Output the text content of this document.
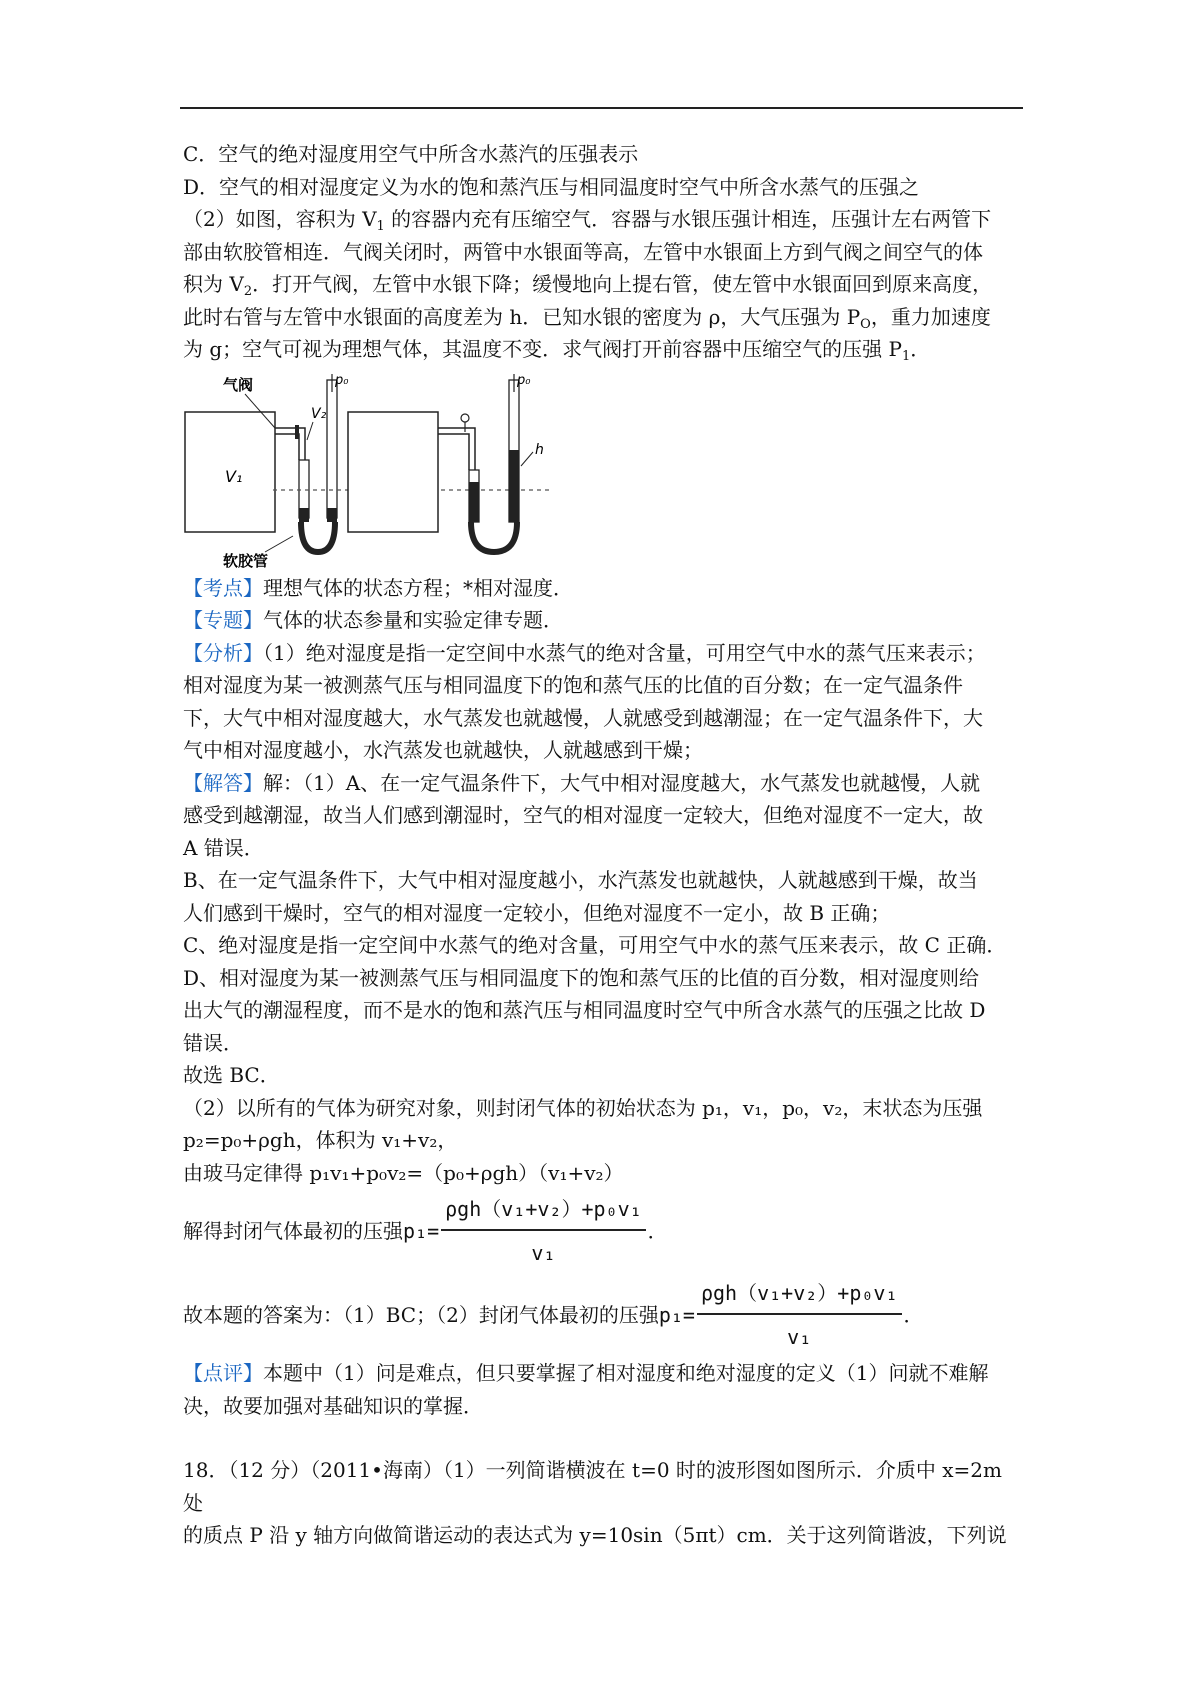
C．空气的绝对湿度用空气中所含水蒸汽的压强表示

D．空气的相对湿度定义为水的饱和蒸汽压与相同温度时空气中所含水蒸气的压强之

（2）如图，容积为 $V_1$ 的容器内充有压缩空气．容器与水银压强计相连，压强计左右两管下

部由软胶管相连．气阀关闭时，两管中水银面等高，左管中水银面上方到气阀之间空气的体

积为 $V_2$．打开气阀，左管中水银下降；缓慢地向上提右管，使左管中水银面回到原来高度，

此时右管与左管中水银面的高度差为 h．已知水银的密度为 ρ，大气压强为 $P_O$，重力加速度

为 g；空气可视为理想气体，其温度不变．求气阀打开前容器中压缩空气的压强 $P_1$．

V₁
气阀
V₂
p₀
软胶管
p₀
h

【考点】理想气体的状态方程；*相对湿度．

【专题】气体的状态参量和实验定律专题．

【分析】（1）绝对湿度是指一定空间中水蒸气的绝对含量，可用空气中水的蒸气压来表示；

相对湿度为某一被测蒸气压与相同温度下的饱和蒸气压的比值的百分数；在一定气温条件

下，大气中相对湿度越大，水气蒸发也就越慢，人就感受到越潮湿；在一定气温条件下，大

气中相对湿度越小，水汽蒸发也就越快，人就越感到干燥；

【解答】解：（1）A、在一定气温条件下，大气中相对湿度越大，水气蒸发也就越慢，人就

感受到越潮湿，故当人们感到潮湿时，空气的相对湿度一定较大，但绝对湿度不一定大，故

A 错误．

B、在一定气温条件下，大气中相对湿度越小，水汽蒸发也就越快，人就越感到干燥，故当

人们感到干燥时，空气的相对湿度一定较小，但绝对湿度不一定小，故 B 正确；

C、绝对湿度是指一定空间中水蒸气的绝对含量，可用空气中水的蒸气压来表示，故 C 正确．

D、相对湿度为某一被测蒸气压与相同温度下的饱和蒸气压的比值的百分数，相对湿度则给

出大气的潮湿程度，而不是水的饱和蒸汽压与相同温度时空气中所含水蒸气的压强之比故 D

错误．

故选 BC．

（2）以所有的气体为研究对象，则封闭气体的初始状态为 p₁，v₁，p₀，v₂，末状态为压强

p₂=p₀+ρgh，体积为 v₁+v₂，

由玻马定律得 p₁v₁+p₀v₂=（p₀+ρgh）（v₁+v₂）

解得封闭气体最初的压强 $p_1= \frac{\text{ρgh（v₁+v₂）+p₀v₁}}{\text{v₁}}$ ．
故本题的答案为：（1）BC；（2）封闭气体最初的压强 $p_1= \frac{\text{ρgh（v₁+v₂）+p₀v₁}}{\text{v₁}}$ ．

【点评】本题中（1）问是难点，但只要掌握了相对湿度和绝对湿度的定义（1）问就不难解

决，故要加强对基础知识的掌握．

18．（12 分）（2011•海南）（1）一列简谐横波在 t=0 时的波形图如图所示．介质中 x=2m 处

的质点 P 沿 y 轴方向做简谐运动的表达式为 y=10sin（5πt）cm．关于这列简谐波，下列说
